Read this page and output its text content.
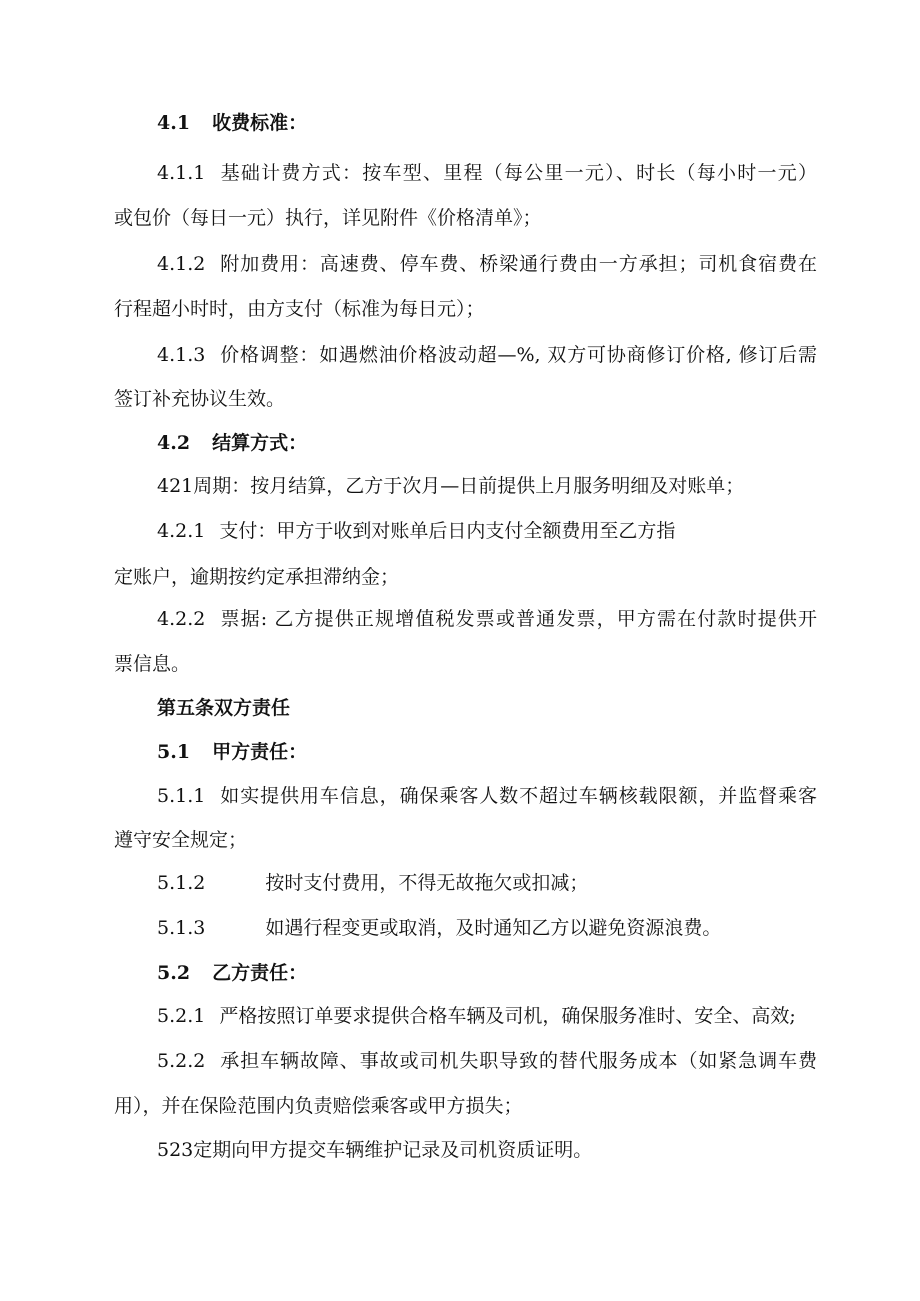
4.1 收费标准：
4.1.1 基础计费方式：按车型、里程（每公里一元）、时长（每小时一元）
或包价（每日一元）执行，详见附件《价格清单》；
4.1.2 附加费用：高速费、停车费、桥梁通行费由一方承担；司机食宿费在
行程超小时时，由方支付（标准为每日元）；
4.1.3 价格调整：如遇燃油价格波动超—%, 双方可协商修订价格, 修订后需
签订补充协议生效。
4.2 结算方式：
421周期：按月结算，乙方于次月—日前提供上月服务明细及对账单；
4.2.1 支付：甲方于收到对账单后日内支付全额费用至乙方指
定账户，逾期按约定承担滞纳金；
4.2.2 票据: 乙方提供正规增值税发票或普通发票，甲方需在付款时提供开
票信息。
第五条双方责任
5.1 甲方责任：
5.1.1 如实提供用车信息，确保乘客人数不超过车辆核载限额，并监督乘客
遵守安全规定；
5.1.2	按时支付费用，不得无故拖欠或扣减；
5.1.3	如遇行程变更或取消，及时通知乙方以避免资源浪费。
5.2 乙方责任：
5.2.1 严格按照订单要求提供合格车辆及司机，确保服务准时、安全、高效;
5.2.2 承担车辆故障、事故或司机失职导致的替代服务成本（如紧急调车费
用），并在保险范围内负责赔偿乘客或甲方损失；
523定期向甲方提交车辆维护记录及司机资质证明。
